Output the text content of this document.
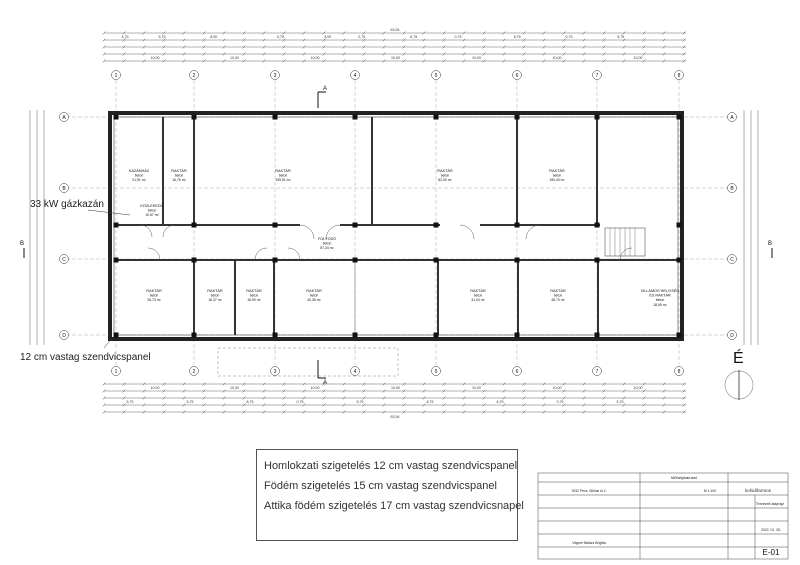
1
1
2
2
3
3
4
4
5
5
6
6
7
7
8
8
A	A
B	B
C	C
D	D
KAZÁNHÁZ
beton
21,91 m²
RAKTÁR
beton
16,76 m²
RAKTÁR
beton
159,51 m²
RAKTÁR
beton
82,00 m²
RAKTÁR
beton
150,40 m²
KÖZLEKEDŐ
beton
10,57 m²
FOLYOSÓ
beton
87,24 m²
RAKTÁR
beton
26,73 m²
RAKTÁR
beton
16,37 m²
RAKTÁR
beton
16,90 m²
RAKTÁR
beton
40,36 m²
RAKTÁR
beton
31,04 m²
RAKTÁR
beton
48,73 m²
VILLAMOS HELYISÉG
ÉS RAKTÁR
beton
18,65 m²
4,75	5,75	8,50	0,75	5,00	0,75	6,75	0,75	6,75	0,75	5,75
5,75	5,75	8,75	0,75	5,75	8,75	6,75	0,75	5,75
10,00
10,00
10,00
10,00
10,00
10,00
10,00
10,00
10,00
10,00
10,00
10,00
10,00
10,00
A
A
B	B
Műhelykarusel
7632 Pécs, Siklósi út 2.	M 1:100
Vágner Balázs Brigitta
kohidifarmos
Tervezett alaprajz
2022. 01. 25.
E-01
63,94
63,94
33 kW gázkazán
12 cm vastag szendvicspanel	É
Homlokzati szigetelés 12 cm vastag szendvicspanel
Födém szigetelés 15 cm vastag szendvicspanel
Attika födém szigetelés 17 cm vastag szendvicsnapel
